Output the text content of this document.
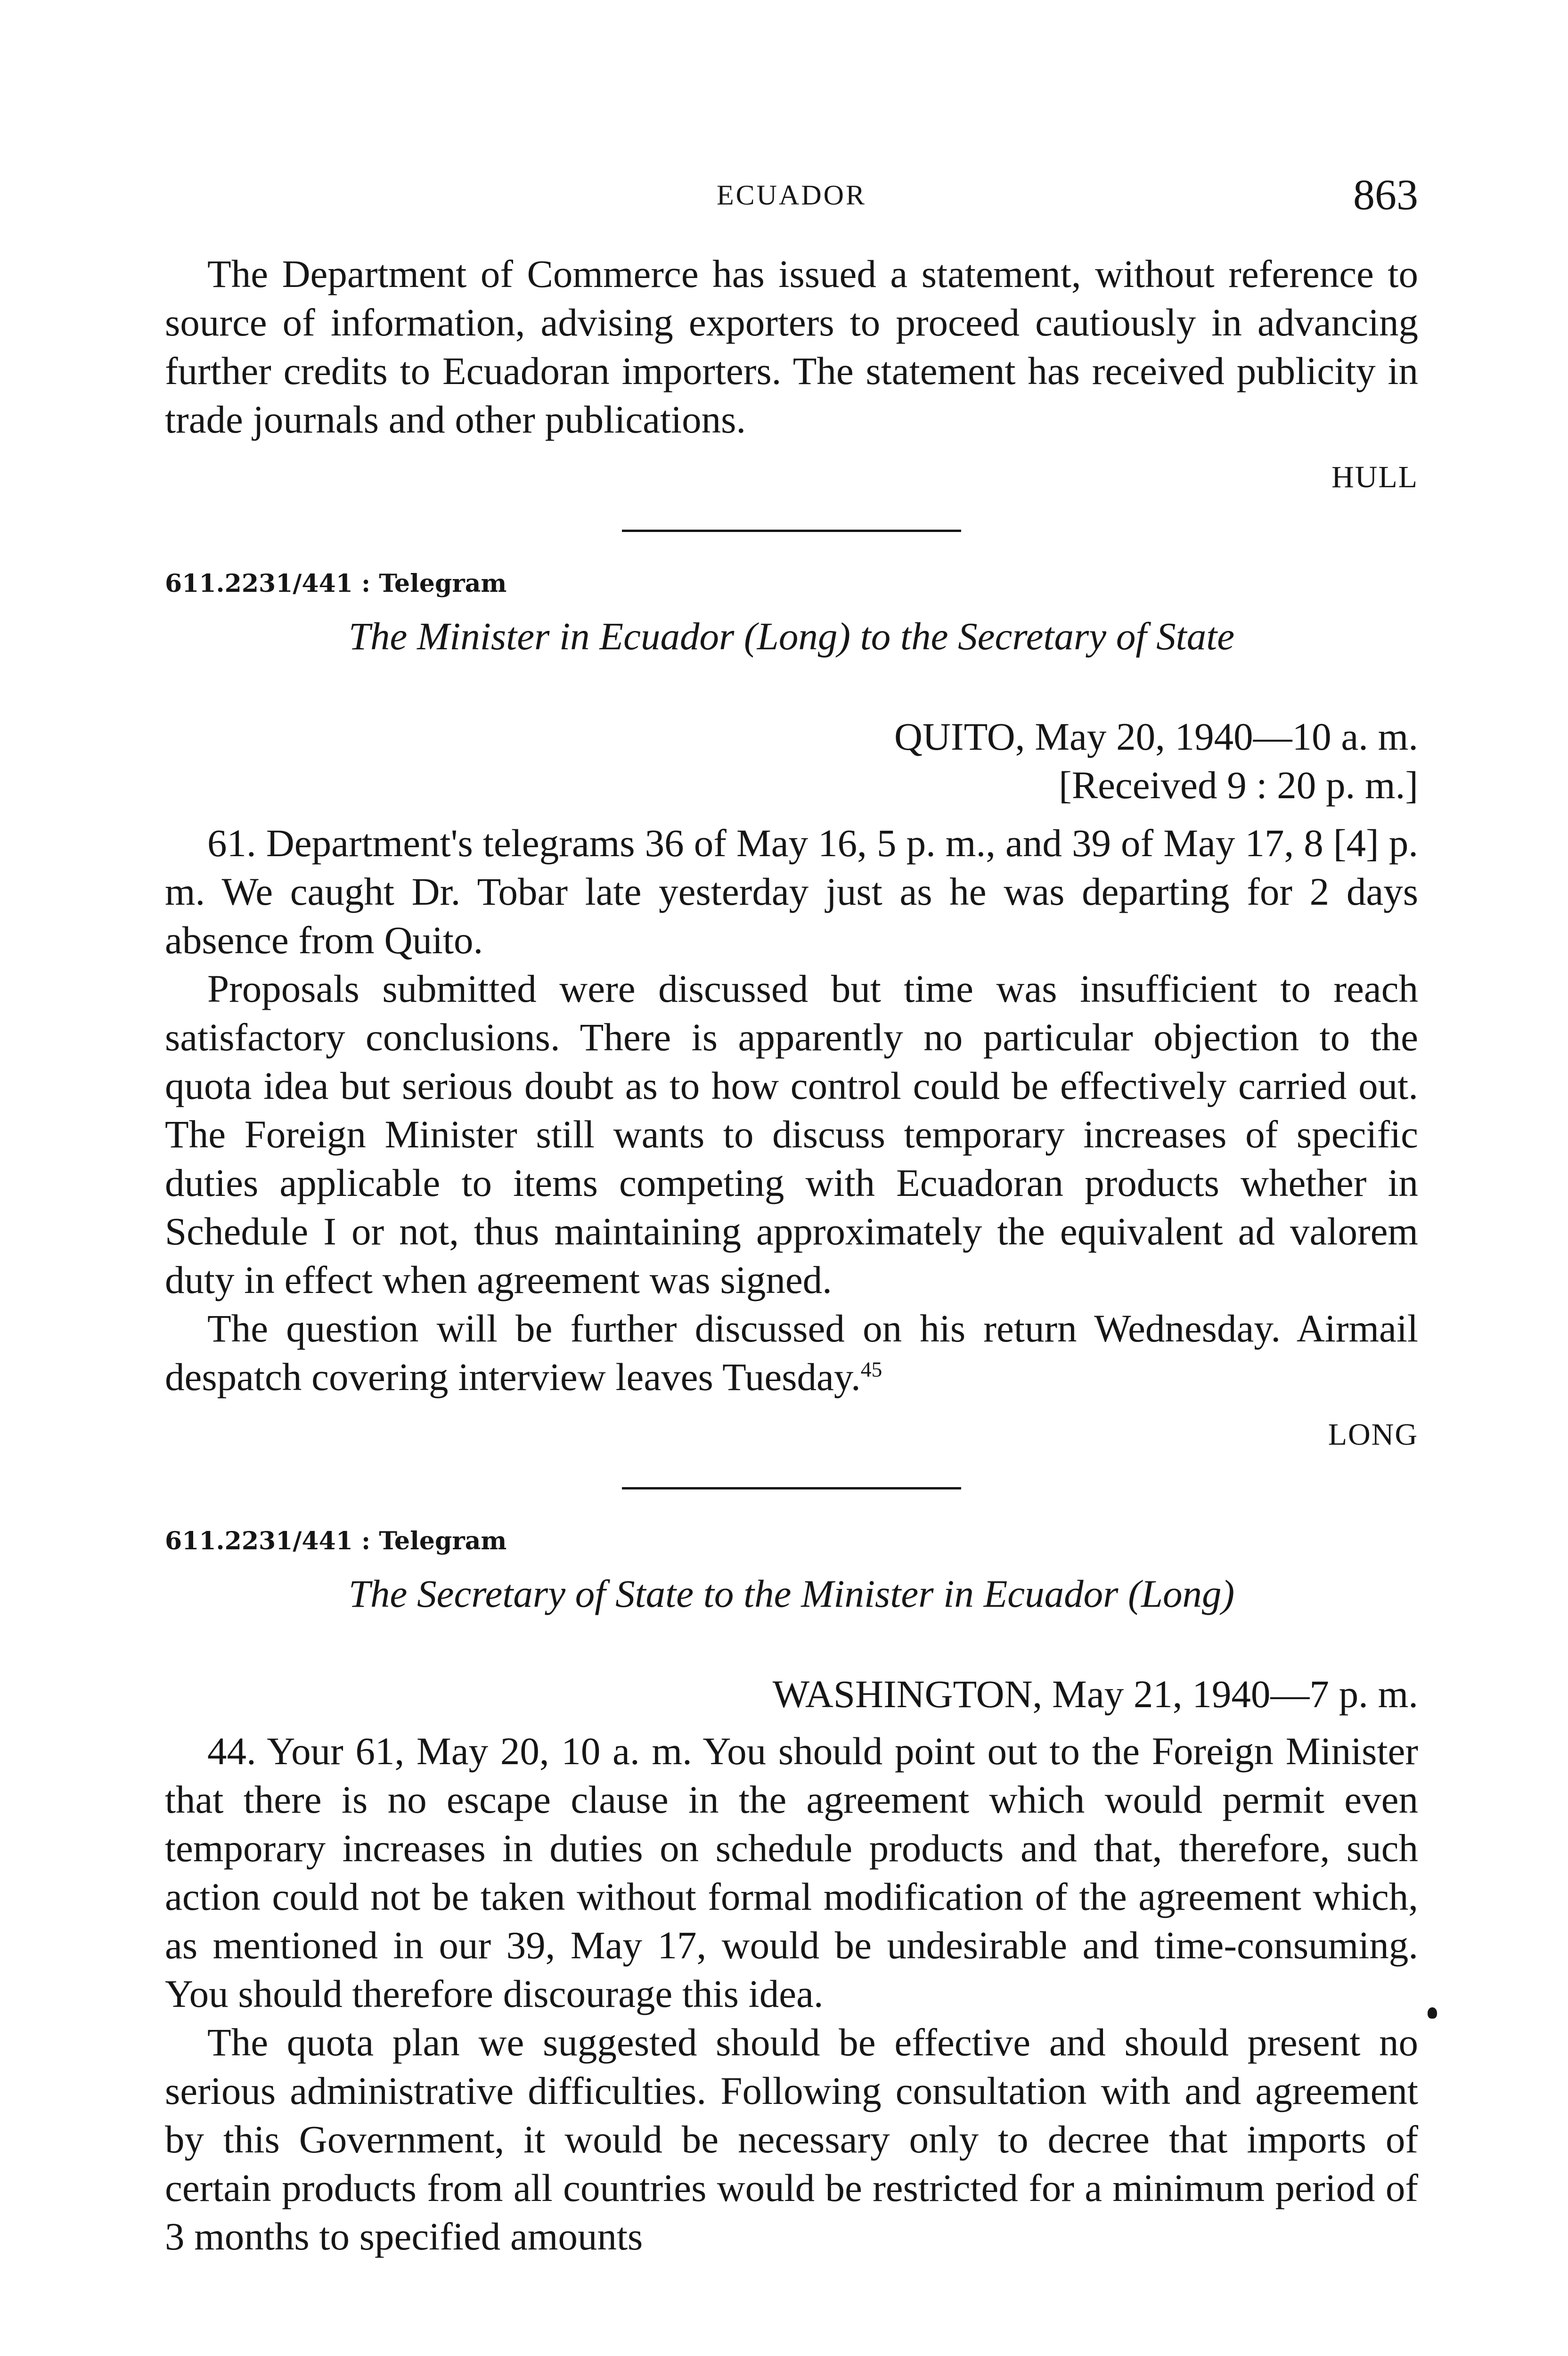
ECUADOR	863

The Department of Commerce has issued a statement, without reference to source of information, advising exporters to proceed cautiously in advancing further credits to Ecuadoran importers. The statement has received publicity in trade journals and other publications.

HULL
611.2231/441 : Telegram
The Minister in Ecuador (Long) to the Secretary of State
QUITO, May 20, 1940—10 a. m.
[Received 9 : 20 p. m.]

61. Department's telegrams 36 of May 16, 5 p. m., and 39 of May 17, 8 [4] p. m. We caught Dr. Tobar late yesterday just as he was departing for 2 days absence from Quito.

Proposals submitted were discussed but time was insufficient to reach satisfactory conclusions. There is apparently no particular objection to the quota idea but serious doubt as to how control could be effectively carried out. The Foreign Minister still wants to discuss temporary increases of specific duties applicable to items competing with Ecuadoran products whether in Schedule I or not, thus maintaining approximately the equivalent ad valorem duty in effect when agreement was signed.

The question will be further discussed on his return Wednesday. Airmail despatch covering interview leaves Tuesday.$^{45}$

LONG
611.2231/441 : Telegram
The Secretary of State to the Minister in Ecuador (Long)
WASHINGTON, May 21, 1940—7 p. m.

44. Your 61, May 20, 10 a. m. You should point out to the Foreign Minister that there is no escape clause in the agreement which would permit even temporary increases in duties on schedule products and that, therefore, such action could not be taken without formal modification of the agreement which, as mentioned in our 39, May 17, would be undesirable and time-consuming. You should therefore discourage this idea.

The quota plan we suggested should be effective and should present no serious administrative difficulties. Following consultation with and agreement by this Government, it would be necessary only to decree that imports of certain products from all countries would be restricted for a minimum period of 3 months to specified amounts
